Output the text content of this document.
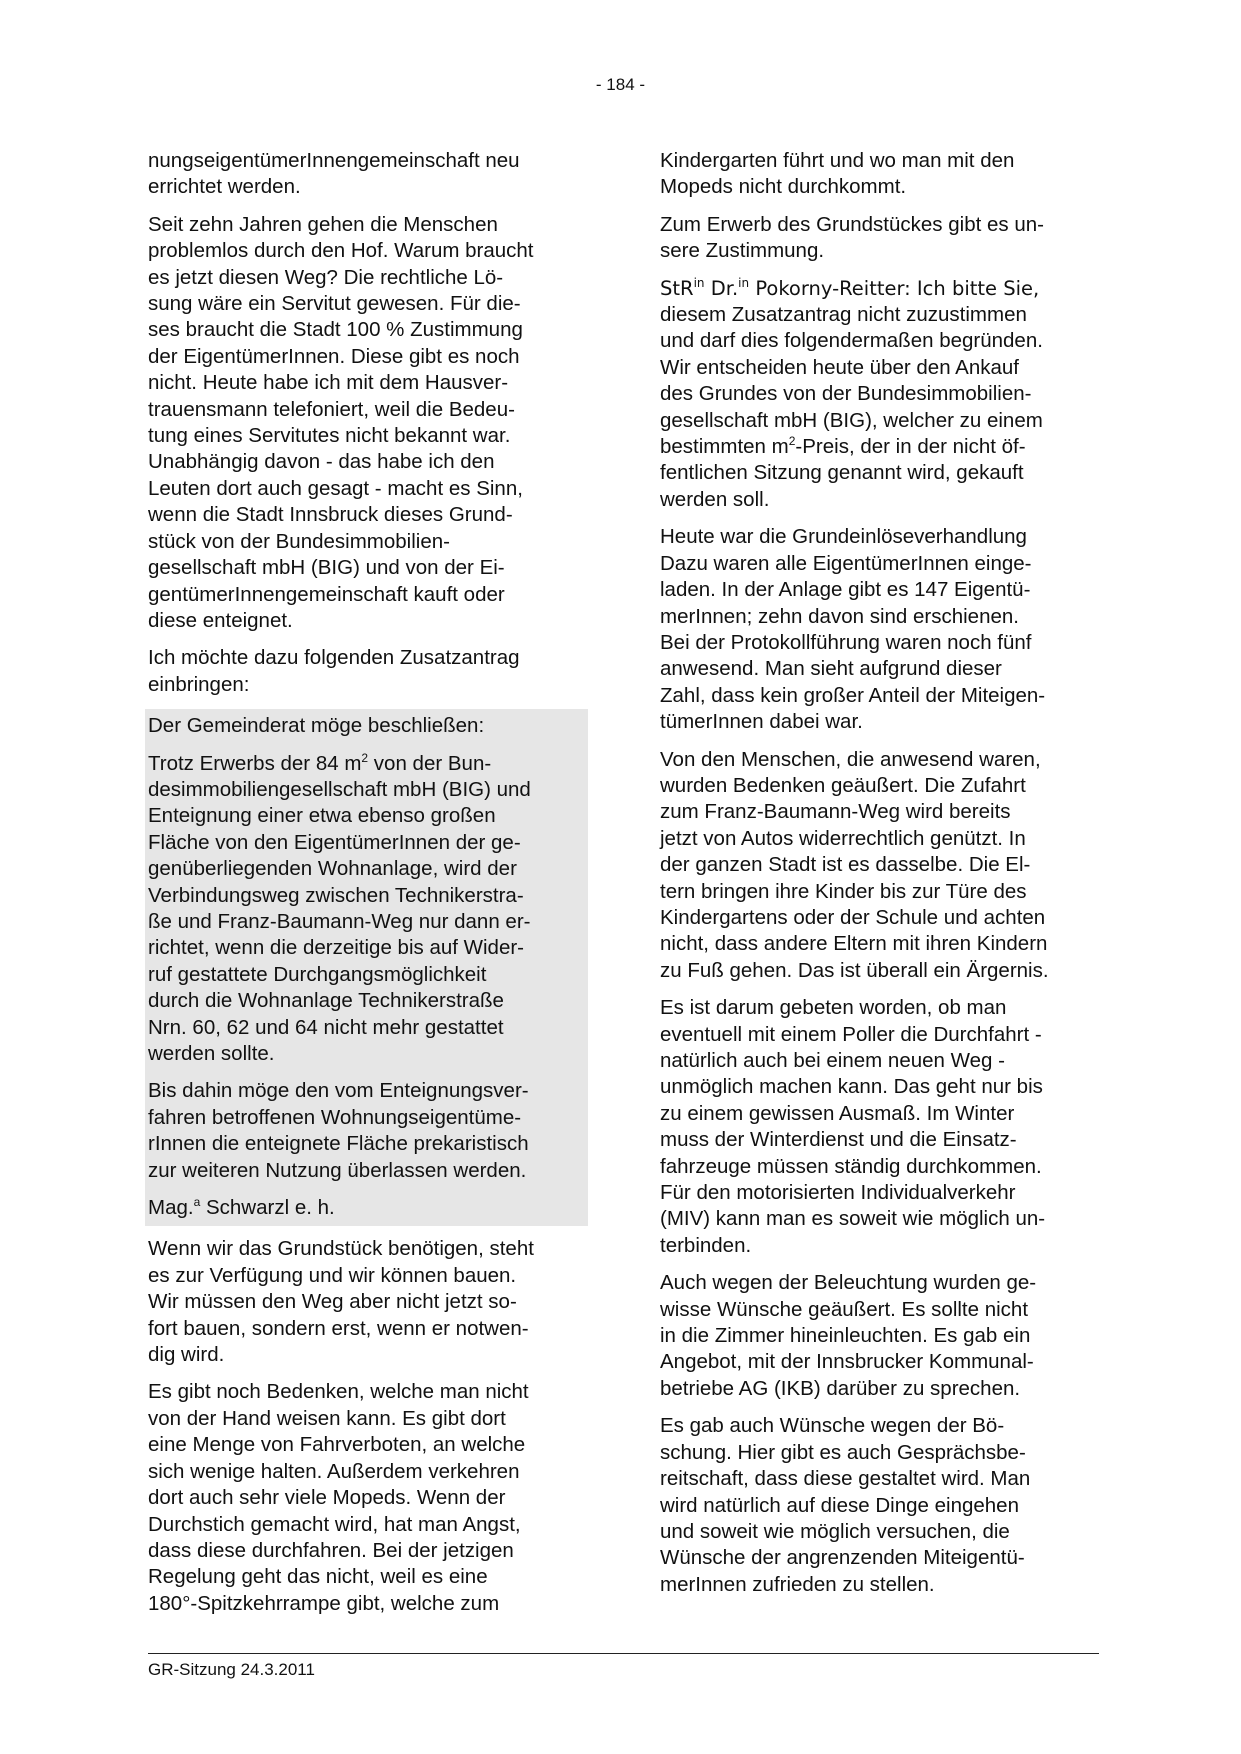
- 184 -

nungseigentümerInnengemeinschaft neu
errichtet werden.

Seit zehn Jahren gehen die Menschen
problemlos durch den Hof. Warum braucht
es jetzt diesen Weg? Die rechtliche Lö-
sung wäre ein Servitut gewesen. Für die-
ses braucht die Stadt 100 % Zustimmung
der EigentümerInnen. Diese gibt es noch
nicht. Heute habe ich mit dem Hausver-
trauensmann telefoniert, weil die Bedeu-
tung eines Servitutes nicht bekannt war.
Unabhängig davon - das habe ich den
Leuten dort auch gesagt - macht es Sinn,
wenn die Stadt Innsbruck dieses Grund-
stück von der Bundesimmobilien-
gesellschaft mbH (BIG) und von der Ei-
gentümerInnengemeinschaft kauft oder
diese enteignet.

Ich möchte dazu folgenden Zusatzantrag
einbringen:

Der Gemeinderat möge beschließen:

Trotz Erwerbs der 84 $m^2$ von der Bun-
desimmobiliengesellschaft mbH (BIG) und
Enteignung einer etwa ebenso großen
Fläche von den EigentümerInnen der ge-
genüberliegenden Wohnanlage, wird der
Verbindungsweg zwischen Technikerstra-
ße und Franz-Baumann-Weg nur dann er-
richtet, wenn die derzeitige bis auf Wider-
ruf gestattete Durchgangsmöglichkeit
durch die Wohnanlage Technikerstraße
Nrn. 60, 62 und 64 nicht mehr gestattet
werden sollte.

Bis dahin möge den vom Enteignungsver-
fahren betroffenen Wohnungseigentüme-
rInnen die enteignete Fläche prekaristisch
zur weiteren Nutzung überlassen werden.

Mag.$^a$ Schwarzl e. h.

Wenn wir das Grundstück benötigen, steht
es zur Verfügung und wir können bauen.
Wir müssen den Weg aber nicht jetzt so-
fort bauen, sondern erst, wenn er notwen-
dig wird.

Es gibt noch Bedenken, welche man nicht
von der Hand weisen kann. Es gibt dort
eine Menge von Fahrverboten, an welche
sich wenige halten. Außerdem verkehren
dort auch sehr viele Mopeds. Wenn der
Durchstich gemacht wird, hat man Angst,
dass diese durchfahren. Bei der jetzigen
Regelung geht das nicht, weil es eine
180°-Spitzkehrrampe gibt, welche zum

Kindergarten führt und wo man mit den
Mopeds nicht durchkommt.

Zum Erwerb des Grundstückes gibt es un-
sere Zustimmung.

StR$^{in}$ Dr.$^{in}$ Pokorny-Reitter: Ich bitte Sie,
diesem Zusatzantrag nicht zuzustimmen
und darf dies folgendermaßen begründen.
Wir entscheiden heute über den Ankauf
des Grundes von der Bundesimmobilien-
gesellschaft mbH (BIG), welcher zu einem
bestimmten $m^2$-Preis, der in der nicht öf-
fentlichen Sitzung genannt wird, gekauft
werden soll.

Heute war die Grundeinlöseverhandlung
Dazu waren alle EigentümerInnen einge-
laden. In der Anlage gibt es 147 Eigentü-
merInnen; zehn davon sind erschienen.
Bei der Protokollführung waren noch fünf
anwesend. Man sieht aufgrund dieser
Zahl, dass kein großer Anteil der Miteigen-
tümerInnen dabei war.

Von den Menschen, die anwesend waren,
wurden Bedenken geäußert. Die Zufahrt
zum Franz-Baumann-Weg wird bereits
jetzt von Autos widerrechtlich genützt. In
der ganzen Stadt ist es dasselbe. Die El-
tern bringen ihre Kinder bis zur Türe des
Kindergartens oder der Schule und achten
nicht, dass andere Eltern mit ihren Kindern
zu Fuß gehen. Das ist überall ein Ärgernis.

Es ist darum gebeten worden, ob man
eventuell mit einem Poller die Durchfahrt -
natürlich auch bei einem neuen Weg -
unmöglich machen kann. Das geht nur bis
zu einem gewissen Ausmaß. Im Winter
muss der Winterdienst und die Einsatz-
fahrzeuge müssen ständig durchkommen.
Für den motorisierten Individualverkehr
(MIV) kann man es soweit wie möglich un-
terbinden.

Auch wegen der Beleuchtung wurden ge-
wisse Wünsche geäußert. Es sollte nicht
in die Zimmer hineinleuchten. Es gab ein
Angebot, mit der Innsbrucker Kommunal-
betriebe AG (IKB) darüber zu sprechen.

Es gab auch Wünsche wegen der Bö-
schung. Hier gibt es auch Gesprächsbe-
reitschaft, dass diese gestaltet wird. Man
wird natürlich auf diese Dinge eingehen
und soweit wie möglich versuchen, die
Wünsche der angrenzenden Miteigentü-
merInnen zufrieden zu stellen.

GR-Sitzung 24.3.2011
